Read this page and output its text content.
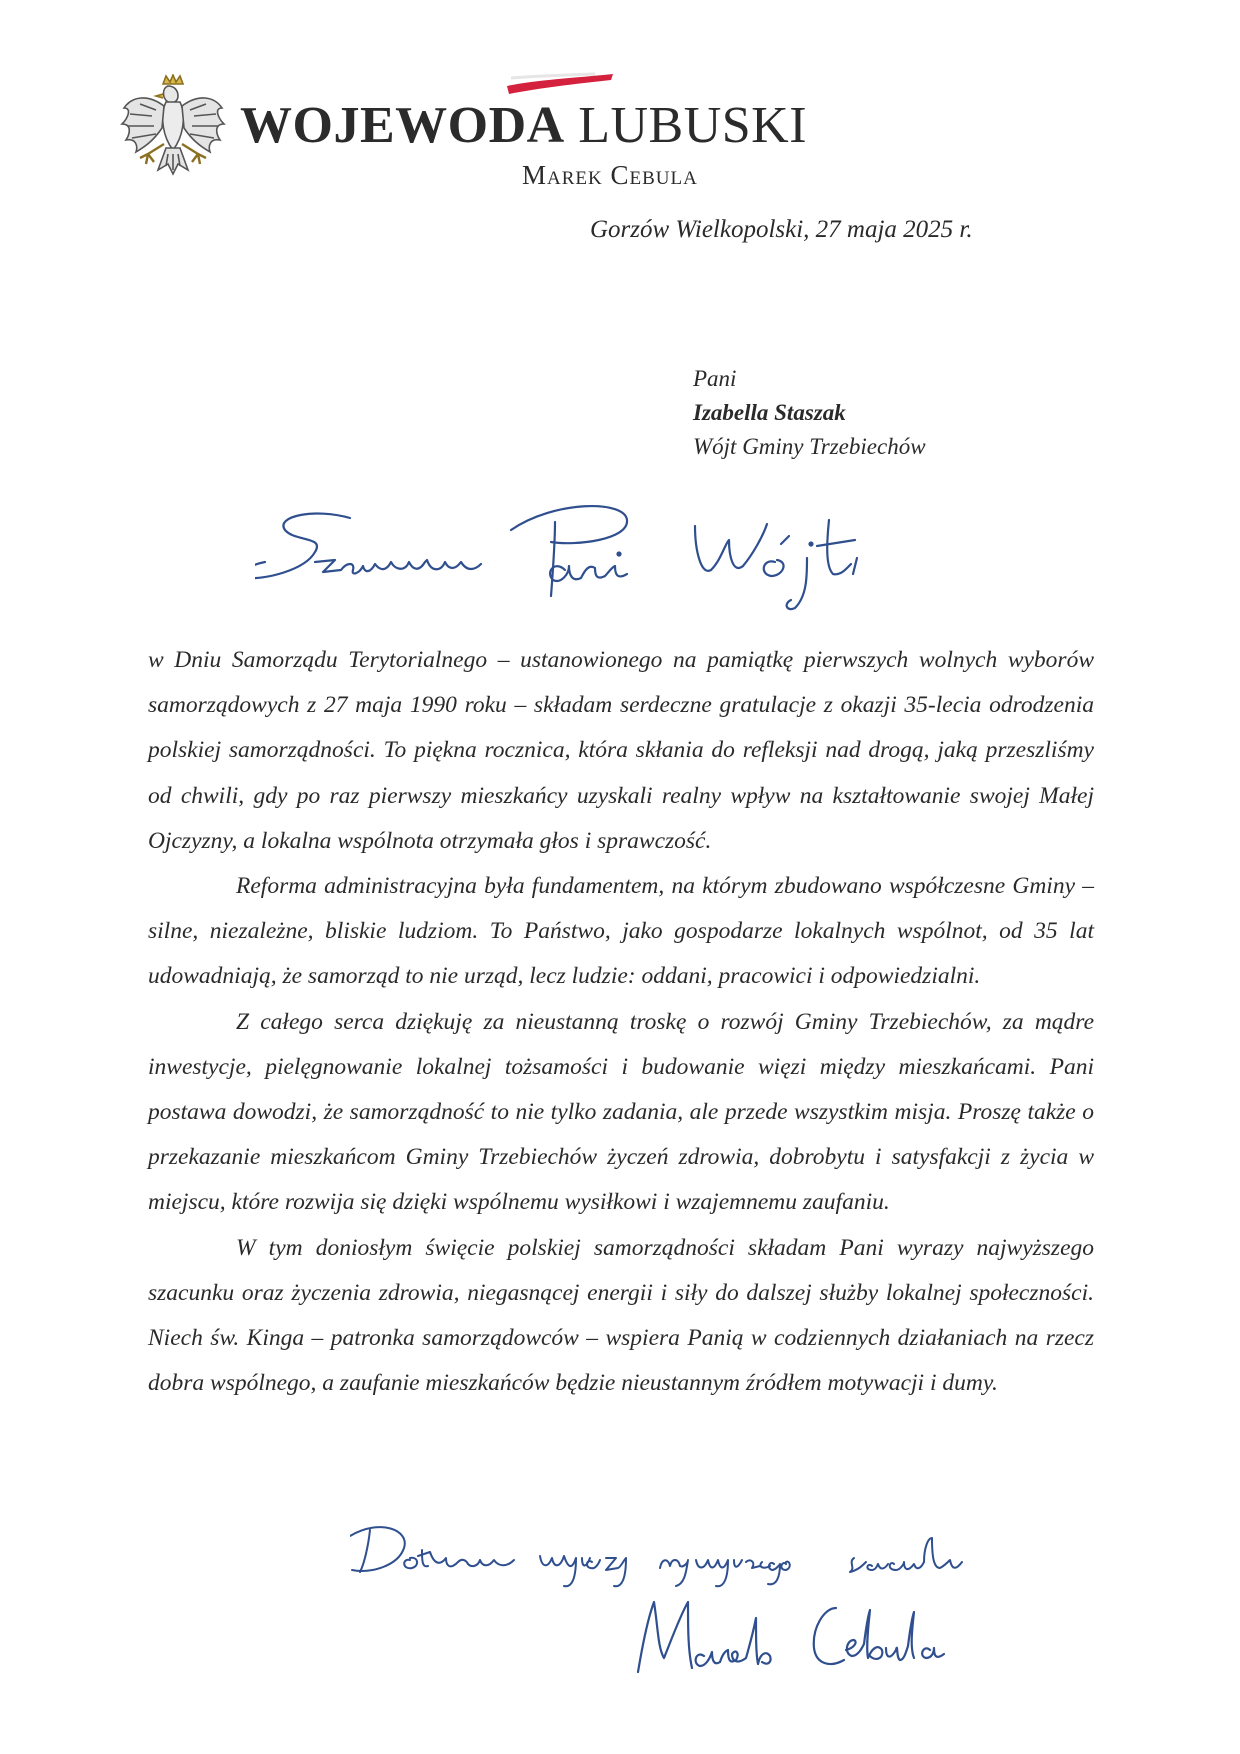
WOJEWODA LUBUSKI
Marek Cebula
Gorzów Wielkopolski, 27 maja 2025 r.
Pani
Izabella Staszak
Wójt Gminy Trzebiechów

w Dniu Samorządu Terytorialnego – ustanowionego na pamiątkę pierwszych wolnych wyborów samorządowych z 27 maja 1990 roku – składam serdeczne gratulacje z okazji 35-lecia odrodzenia polskiej samorządności. To piękna rocznica, która skłania do refleksji nad drogą, jaką przeszliśmy od chwili, gdy po raz pierwszy mieszkańcy uzyskali realny wpływ na kształtowanie swojej Małej Ojczyzny, a lokalna wspólnota otrzymała głos i sprawczość.

Reforma administracyjna była fundamentem, na którym zbudowano współczesne Gminy – silne, niezależne, bliskie ludziom. To Państwo, jako gospodarze lokalnych wspólnot, od 35 lat udowadniają, że samorząd to nie urząd, lecz ludzie: oddani, pracowici i odpowiedzialni.

Z całego serca dziękuję za nieustanną troskę o rozwój Gminy Trzebiechów, za mądre inwestycje, pielęgnowanie lokalnej tożsamości i budowanie więzi między mieszkańcami. Pani postawa dowodzi, że samorządność to nie tylko zadania, ale przede wszystkim misja. Proszę także o przekazanie mieszkańcom Gminy Trzebiechów życzeń zdrowia, dobrobytu i satysfakcji z życia w miejscu, które rozwija się dzięki wspólnemu wysiłkowi i wzajemnemu zaufaniu.

W tym doniosłym święcie polskiej samorządności składam Pani wyrazy najwyższego szacunku oraz życzenia zdrowia, niegasnącej energii i siły do dalszej służby lokalnej społeczności. Niech św. Kinga – patronka samorządowców – wspiera Panią w codziennych działaniach na rzecz dobra wspólnego, a zaufanie mieszkańców będzie nieustannym źródłem motywacji i dumy.
